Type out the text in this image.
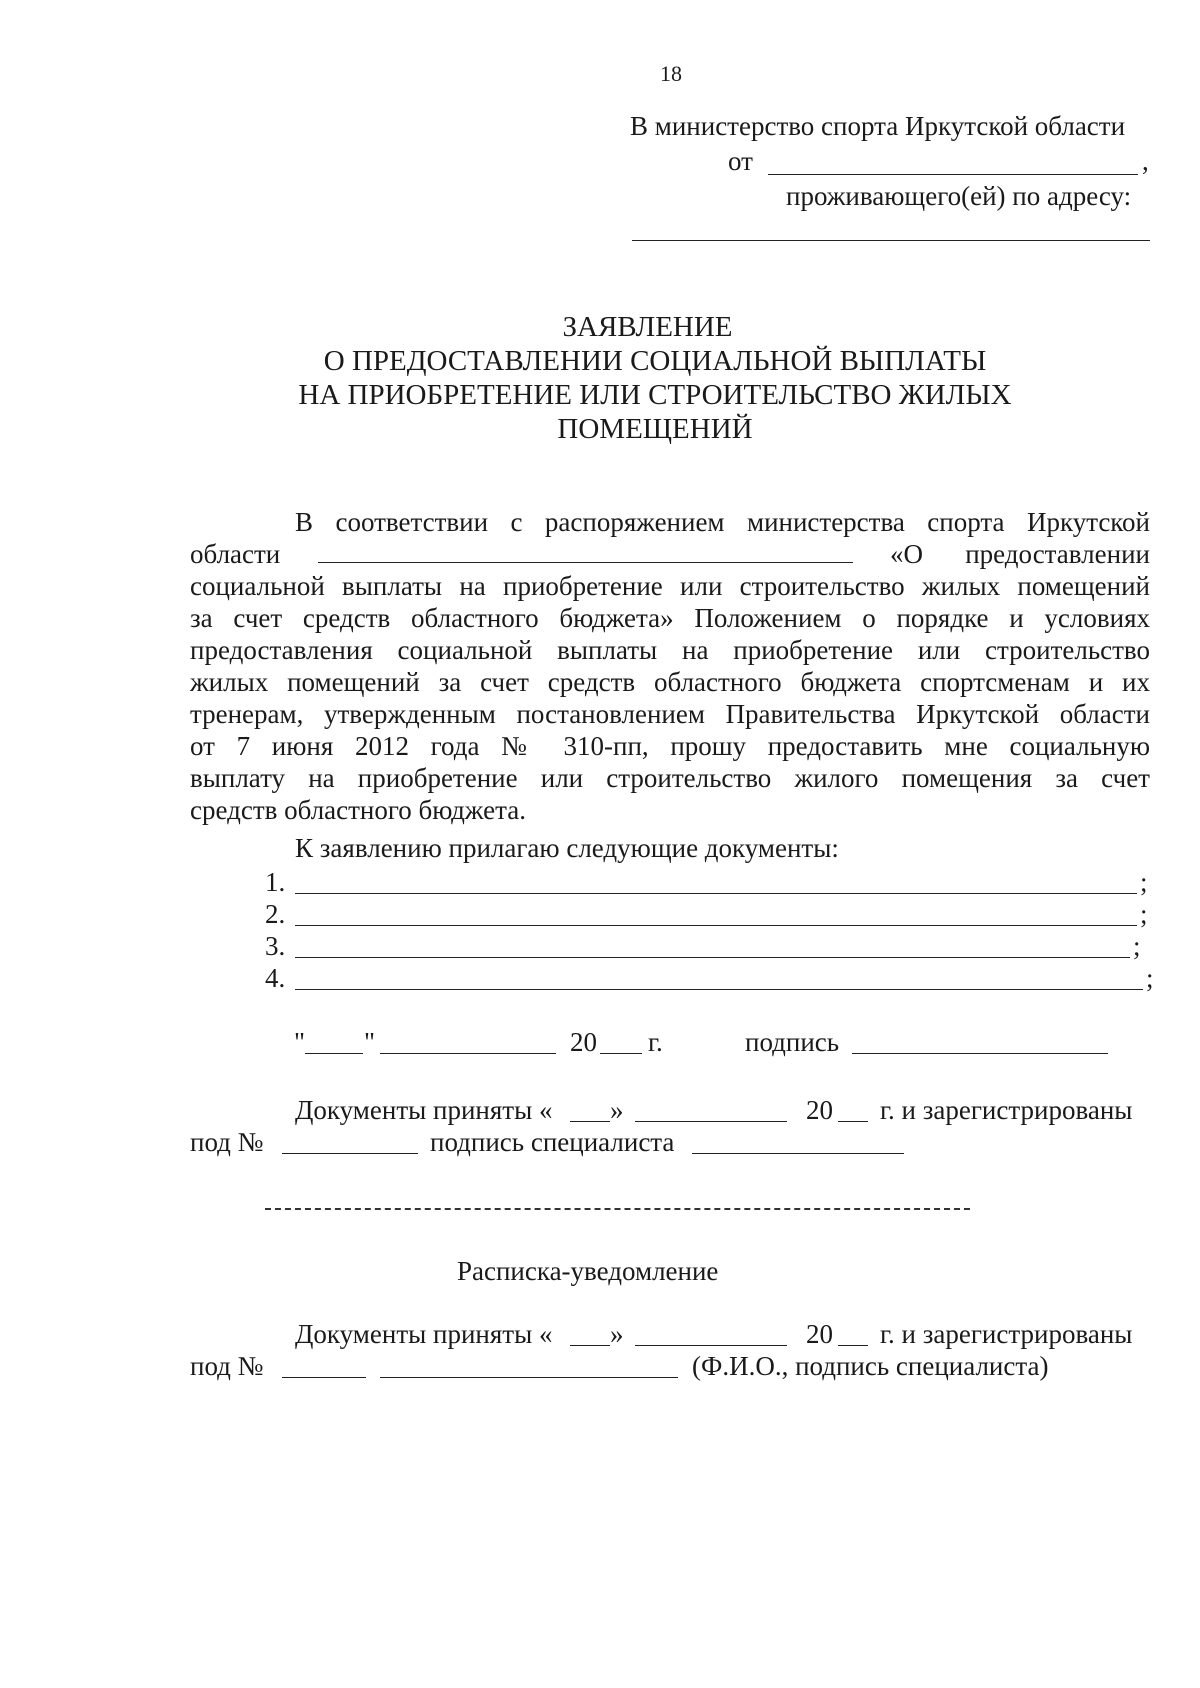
18
В министерство спорта Иркутской области
от	,
проживающего(ей) по адресу:
ЗАЯВЛЕНИЕ
О ПРЕДОСТАВЛЕНИИ СОЦИАЛЬНОЙ ВЫПЛАТЫ
НА ПРИОБРЕТЕНИЕ ИЛИ СТРОИТЕЛЬСТВО ЖИЛЫХ
ПОМЕЩЕНИЙ
В соответствии с распоряжением министерства спорта Иркутской
области	«О предоставлении
социальной выплаты на приобретение или строительство жилых помещений
за счет средств областного бюджета» Положением о порядке и условиях
предоставления социальной выплаты на приобретение или строительство
жилых помещений за счет средств областного бюджета спортсменам и их
тренерам, утвержденным постановлением Правительства Иркутской области
от 7 июня 2012 года № 310-пп, прошу предоставить мне социальную
выплату на приобретение или строительство жилого помещения за счет
средств областного бюджета.
К заявлению прилагаю следующие документы:
1.	;
2.	;
3.	;
4.	;
" "	20 г.	подпись
Документы приняты « »	20 г. и зарегистрированы
под №	подпись специалиста
Расписка-уведомление
Документы приняты « »	20 г. и зарегистрированы
под №	(Ф.И.О., подпись специалиста)
